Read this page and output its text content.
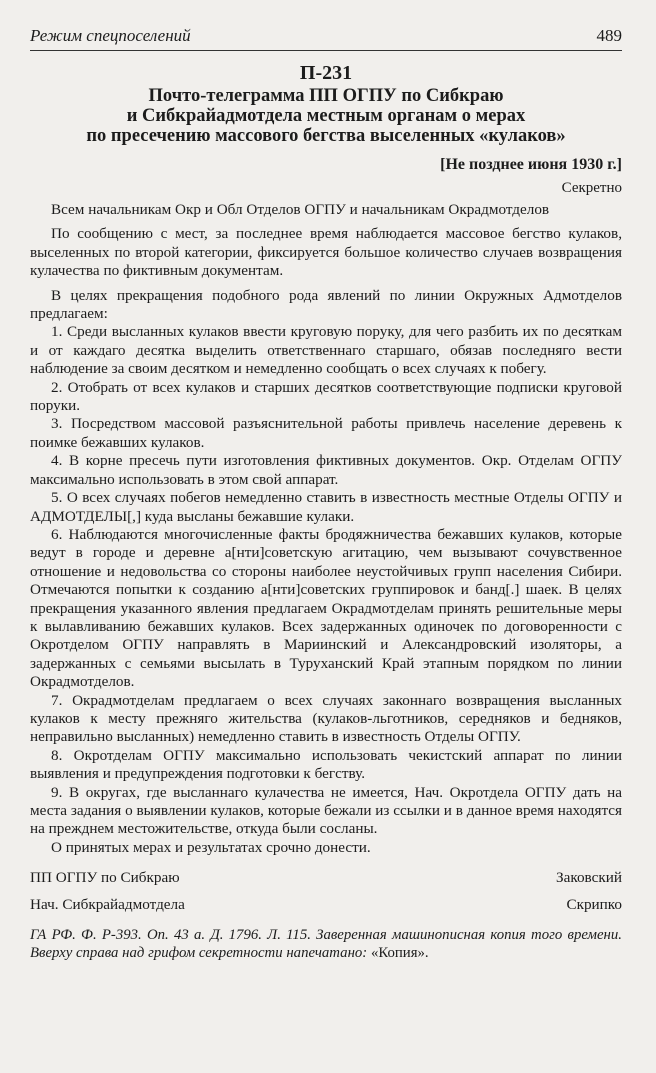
Режим спецпоселений	489
П-231
Почто-телеграмма ПП ОГПУ по Сибкраю
и Сибкрайадмотдела местным органам о мерах
по пресечению массового бегства выселенных «кулаков»
[Не позднее июня 1930 г.]
Секретно

Всем начальникам Окр и Обл Отделов ОГПУ и начальникам Окрадмотделов

По сообщению с мест, за последнее время наблюдается массовое бегство кулаков, выселенных по второй категории, фиксируется большое количество случаев возвращения кулачества по фиктивным документам.

В целях прекращения подобного рода явлений по линии Окружных Адмотделов предлагаем:

1. Среди высланных кулаков ввести круговую поруку, для чего разбить их по десяткам и от каждаго десятка выделить ответственнаго старшаго, обязав последняго вести наблюдение за своим десятком и немедленно сообщать о всех случаях к побегу.

2. Отобрать от всех кулаков и старших десятков соответствующие подписки круговой поруки.

3. Посредством массовой разъяснительной работы привлечь население деревень к поимке бежавших кулаков.

4. В корне пресечь пути изготовления фиктивных документов. Окр. Отделам ОГПУ максимально использовать в этом свой аппарат.

5. О всех случаях побегов немедленно ставить в известность местные Отделы ОГПУ и АДМОТДЕЛЫ[,] куда высланы бежавшие кулаки.

6. Наблюдаются многочисленные факты бродяжничества бежавших кулаков, которые ведут в городе и деревне а[нти]советскую агитацию, чем вызывают сочувственное отношение и недовольства со стороны наиболее неустойчивых групп населения Сибири. Отмечаются попытки к созданию а[нти]советских группировок и банд[.] шаек. В целях прекращения указанного явления предлагаем Окрадмотделам принять решительные меры к вылавливанию бежавших кулаков. Всех задержанных одиночек по договоренности с Окротделом ОГПУ направлять в Мариинский и Александровский изоляторы, а задержанных с семьями высылать в Туруханский Край этапным порядком по линии Окрадмотделов.

7. Окрадмотделам предлагаем о всех случаях законнаго возвращения высланных кулаков к месту прежняго жительства (кулаков-льготников, середняков и бедняков, неправильно высланных) немедленно ставить в известность Отделы ОГПУ.

8. Окротделам ОГПУ максимально использовать чекистский аппарат по линии выявления и предупреждения подготовки к бегству.

9. В округах, где высланнаго кулачества не имеется, Нач. Окротдела ОГПУ дать на места задания о выявлении кулаков, которые бежали из ссылки и в данное время находятся на прежднем местожительстве, откуда были сосланы.

О принятых мерах и результатах срочно донести.

ПП ОГПУ по Сибкраю	Заковский
Нач. Сибкрайадмотдела	Скрипко
ГА РФ. Ф. Р-393. Оп. 43 а. Д. 1796. Л. 115. Заверенная машинописная копия того времени. Вверху справа над грифом секретности напечатано: «Копия».
